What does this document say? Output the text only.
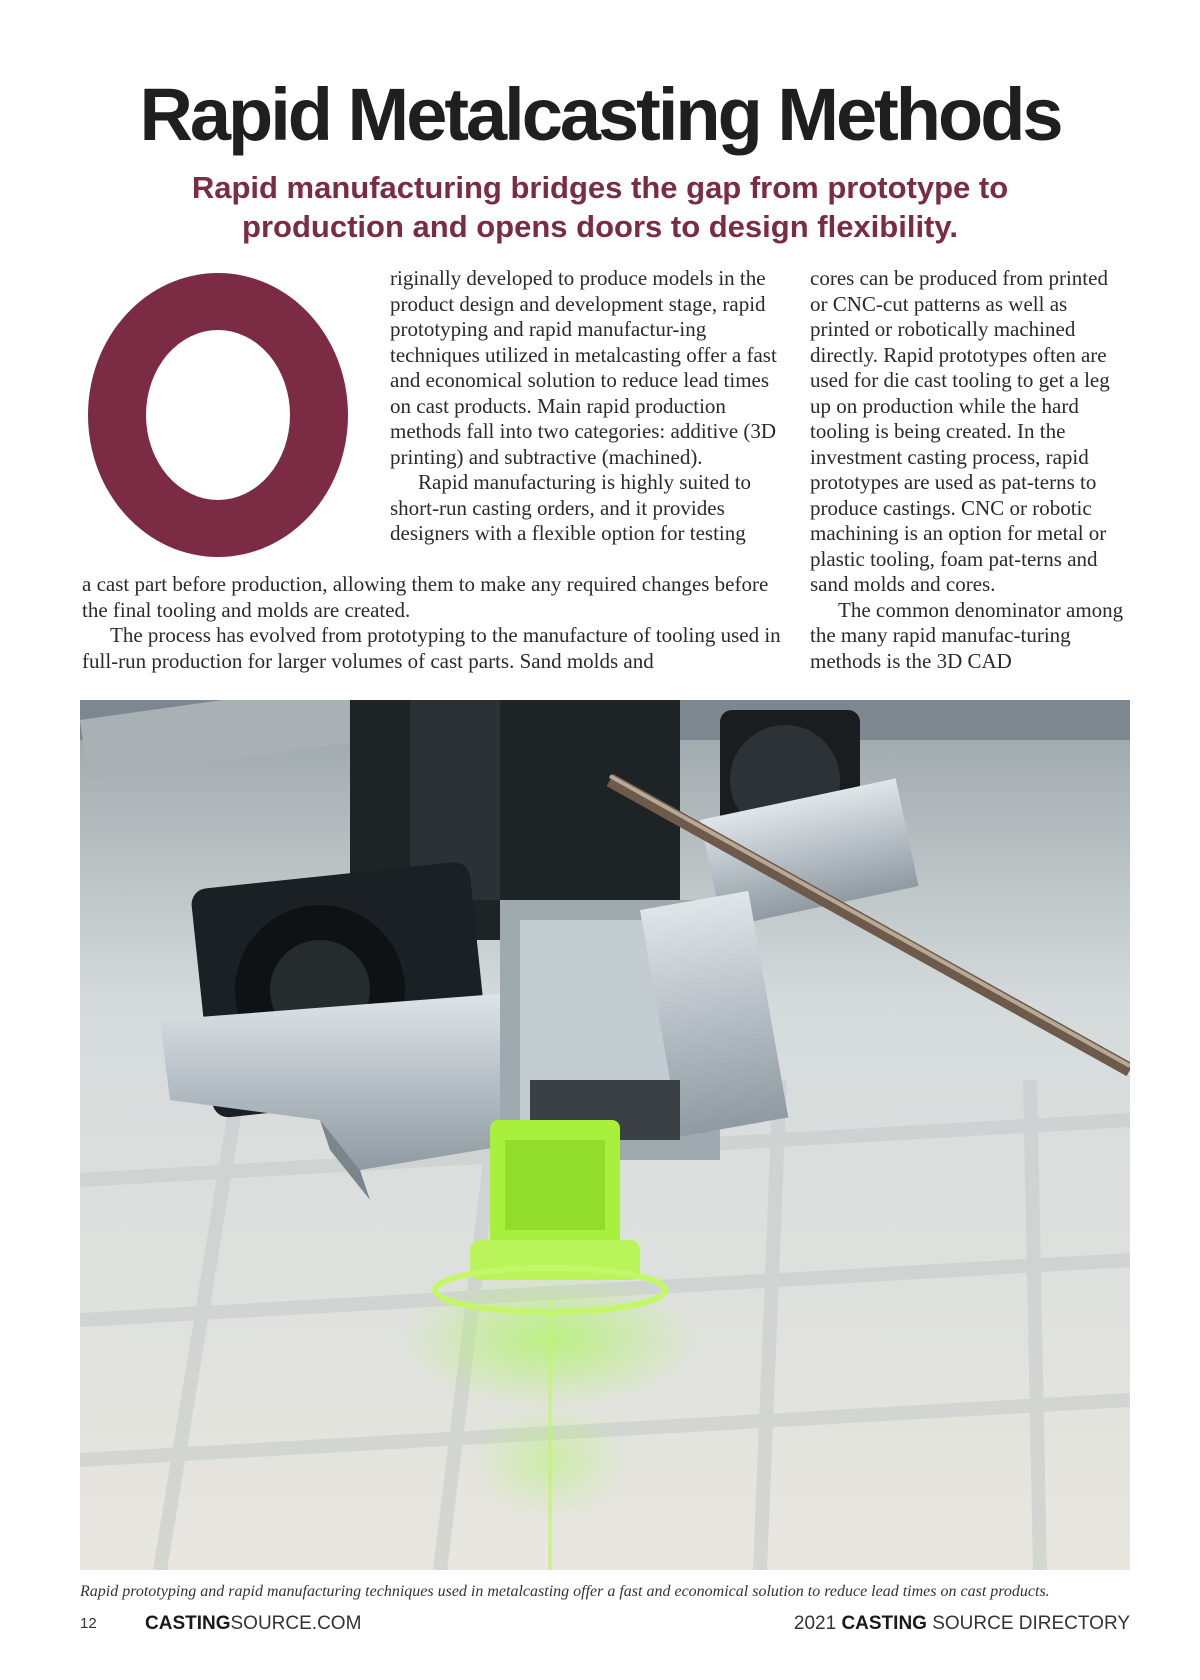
Rapid Metalcasting Methods
Rapid manufacturing bridges the gap from prototype to
production and opens doors to design flexibility.

riginally developed to produce models in the product design and development stage, rapid prototyping and rapid manufactur-ing techniques utilized in metalcasting offer a fast and economical solution to reduce lead times on cast products. Main rapid production methods fall into two categories: additive (3D printing) and subtractive (machined).

Rapid manufacturing is highly suited to short-run casting orders, and it provides designers with a flexible option for testing

a cast part before production, allowing them to make any required changes before the final tooling and molds are created.

The process has evolved from prototyping to the manufacture of tooling used in full-run production for larger volumes of cast parts. Sand molds and

cores can be produced from printed or CNC-cut patterns as well as printed or robotically machined directly. Rapid prototypes often are used for die cast tooling to get a leg up on production while the hard tooling is being created. In the investment casting process, rapid prototypes are used as pat-terns to produce castings. CNC or robotic machining is an option for metal or plastic tooling, foam pat-terns and sand molds and cores.

The common denominator among the many rapid manufac-turing methods is the 3D CAD

Rapid prototyping and rapid manufacturing techniques used in metalcasting offer a fast and economical solution to reduce lead times on cast products.
12	CASTINGSOURCE.COM	2021 CASTING SOURCE DIRECTORY
